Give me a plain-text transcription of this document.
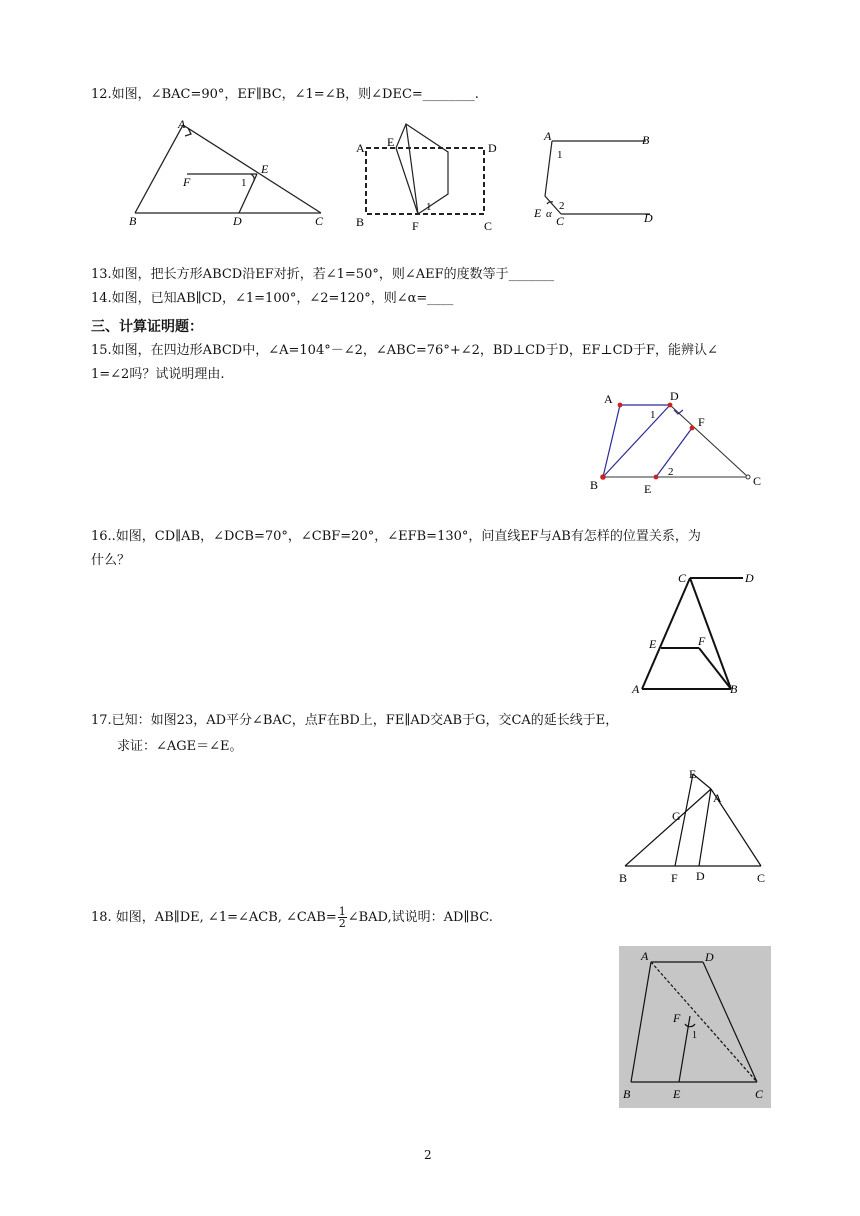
12.如图，∠BAC=90°，EF∥BC，∠1=∠B，则∠DEC=________.
A
B	C
D
E
F	1
A E	D
B	F	C
1
A	B
1
2
E α C	D
13.如图，把长方形ABCD沿EF对折，若∠1=50°，则∠AEF的度数等于_______
14.如图，已知AB∥CD，∠1=100°，∠2=120°，则∠α=____
三、计算证明题：
15.如图，在四边形ABCD中，∠A=104°－∠2，∠ABC=76°+∠2，BD⊥CD于D，EF⊥CD于F，能辨认∠
1=∠2吗？试说明理由.
A	D
F
B	E
C
1
2
16..如图，CD∥AB，∠DCB=70°，∠CBF=20°，∠EFB=130°，问直线EF与AB有怎样的位置关系，为
什么？
C	D
E	F
A	B
17.已知：如图23，AD平分∠BAC，点F在BD上，FE∥AD交AB于G，交CA的延长线于E，
求证：∠AGE＝∠E。
E
A
G
B	F D	C
18. 如图，AB∥DE, ∠1=∠ACB, ∠CAB= $\frac{1}{2}$ ∠BAD,试说明：AD∥BC.
A	D
F
1
B	E	C
2
